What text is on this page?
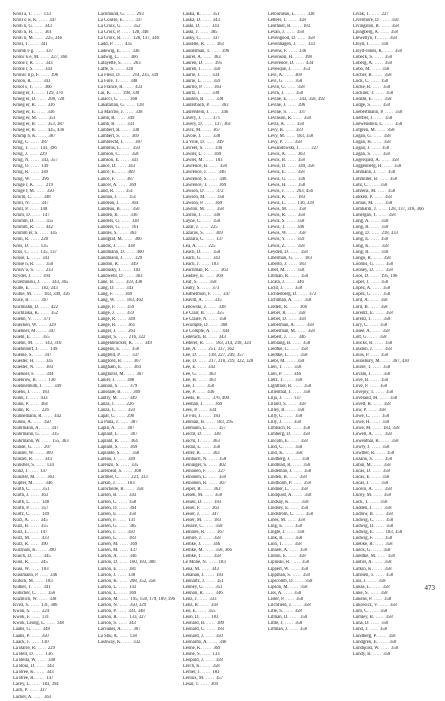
Kroll a, T. ..... 133
Kroll o w, K. ..... 347
Kroh n, G. ..... 343
Kroh n, H. ..... 361
Kroh n, M. ..... 225, 346
Kroll, T. ..... 341
Kromb e g. ..... 337
Kronc k e, M. ..... 227, 366
Krone r, R. ..... 343
Krone r, S. ..... 343
Kronsc h p, F. ..... 396
Kroon, R. ..... 343
Kroot s, T. ..... 366
Krueg er, J. ..... 129, 376
Krueg er, D. ..... 208, 728
Krueg er, R. ..... 336
Krueg er, E. ..... 336
Krueg er, M. ..... 351
Krueg er, B. ..... 353, 387
Krueg er, R. ..... 435, 436
Krump h, K. ..... 387
Krug, C. ..... 387
Krug, T. ..... 143, 396
Krug, J. ..... 229
Krug, N. ..... 343, 357
Krug, O. ..... 149
Krug, R. ..... 349
Krug, W. ..... 396
Kruge r, K. ..... 219
Kruge r, M. ..... 350
Kruim, C. ..... 348
Krull, N. ..... 347
Krull, P. ..... 148
Krum, D. ..... 147
Krumm, D. ..... 355
Krumm, R. ..... 442
Krumm er, S. ..... 345
Krun, R. ..... 228
Krus, D. ..... 135
Krus, C. ..... 135, 137
Kruse, L. ..... 343
Kruse n, R. ..... 350
Krusv o, S. ..... 233
Kryder, J. ..... 394
Krzeminski, J. ..... 343, 365
Kube, E. ..... 182, 243
Kubie, M. ..... 183, 349, 356
Kuce, B. ..... 367
Kuchhahn, D. ..... 422
Kuchlaika, K. ..... 352
Kuehn, V. ..... 371
Kuecken, W. ..... 329
Kuehner, M. ..... 347
Kuehl, E. ..... 355
Kuehn, M. ..... 143, 316
Kuehnhorf, J. ..... 149
Kuenle, S. ..... 347
Kuester, H. ..... 345
Kuester, N. ..... 383
Kuehner, F. ..... 344
Kuehrow, B. ..... 130
Kuehnemuth, J. ..... 349
Kuehs, J. ..... 183
Kuhn, J. ..... 433
Kuhn, P. ..... 364
Kuhn, R. ..... 226
Kuhnemann, R. ..... 442
Kuhns, A. ..... 350
Kuhrmann, A. ..... 347
Kuhrmann, G. ..... 335
Kuhrmann, W. ..... 155, 363
Kunde, G. ..... 207
Kunzel, W. ..... 369
Kunzel, R. ..... 343
Kunstler, S. ..... 134
Kunz, J. ..... 147
Kunzler, M. ..... 363
Kupfer, M. ..... 346
Kurth, C. ..... 351
Kurth, J. ..... 363
Kurth, L. ..... 148
Kurth, P. ..... 357
Kurtz, C. ..... 149
Kurz, A. ..... 345
Kurz, B. ..... 355
Kurz, L. ..... 147
Kurz, M. ..... 433
Kurz, R. ..... 390
Kurzhals, K. ..... 390
Kusch, D. ..... 345
Kuss, R. ..... 345
Kuss, W. ..... 183
Kussmann, P. ..... 346
Kutsch, M. ..... 183
Kuther, T. ..... 341
Kutscher, C. ..... 356
Kuzmich, W. ..... 338
Kvist, S. ..... 131, 386
Kwan, S. ..... 224
Kwok, F. ..... 131
Kwok, Leong, L. ..... 148
Laabs, G. ..... 348
Laabs, P. ..... 350
Laack, J. ..... 130
La Barre, R. ..... 229
La Bell, D. ..... 136
La Bella, W. ..... 348
La Boss, D. ..... 143
La Bree, K. ..... 343
La Bree, R. ..... 147
Lacey, L. ..... 183, 394
Lach, P. ..... 337
Lacher, A. ..... 363
Lachmund, G. ..... 293
La Course, E. ..... 337
La Croix, G. ..... 352
La Croix, P. ..... 128, 348
La Croix, R. ..... 128, 137, 346
Ladd, P. ..... 435
Ladewig, E. ..... 336
Ladwig, C. ..... 366
Lafayette, S. ..... 263
Laffe, S. ..... 128
La Fleur, D. ..... 214, 235, 339
La Fore, T. ..... 348
La France, R. ..... 433
Lai, K. ..... 198, 330
Laiacci, C. ..... 368
Lakatarian, G. ..... 128
La Marche, J. ..... 338
Lamb, R. ..... 349
Lamb, B. ..... 333
Lambert, R. ..... 338
Lambert, S. ..... 369
Lambrecht, I. ..... 387
Lambrus, L. ..... 350
Lamson, C. ..... 358
Lamson, E. ..... 341
Lance, D. ..... 343
Lance, E. ..... 369
Lance, F. ..... 387
Lancer, A. ..... 369
Land, R. ..... 351
Landau, J. ..... 351
Landeau, J. ..... 364
Landeau, B. ..... 350
Landen, B. ..... 336
Landers, G. ..... 338
Landers, G. ..... 161
Landes, S. ..... 363
Landgraf, M. ..... 366
Landis, J. ..... 438
Landmann, D. ..... 400
Landmann, J. ..... 329
Landon, R. ..... 349
Landusky, J. ..... 183
Landwehr, D. ..... 363
Lane, B. ..... 359, 438
Lang, D. ..... 343
Lang, F. ..... 369
Lang, W. ..... 183, 402
Lange, F. ..... 359
Lange, J. ..... 359
Lange, R. ..... 349
Lange, R. ..... 361
Langer, J. ..... 263
Langer, S. ..... 216, 322
Langenbrucker, K. ..... 349
Langens, E. ..... 358
Langfeld, P. ..... 337
Langford, B. ..... 367
Langham, E. ..... 364
Langhorst, M. ..... 367
Lanier, J. ..... 388
Lannon, S. ..... 379
Lansdale, B. ..... 369
Lantry, M. ..... 349
Lanza, J. ..... 226
Lanza, C. ..... 350
Lapar, C. ..... 290
La Paita, J. ..... 387
Lapin, A. ..... 387
Laplant, L. ..... 367
Laplant, R. ..... 364
Laplant, S. ..... 369
Laplante, S. ..... 358
Lareau, J. ..... 349
Larenzo, S. ..... 335
Laresheal, S. ..... 368
Larimer, C. ..... 221, 333
Larkin, J. ..... 183
Larochelle, R. ..... 358
Larsen, B. ..... 343
Larsen, C. ..... 358
Larsen, D. ..... 394
Larsen, E. ..... 358
Larsen, F. ..... 131
Larsen, G. ..... 385
Larsen, I. ..... 350
Larsen, L. ..... 183
Larsen, M. ..... 369
Larsen, M. ..... 437
Larson, A. ..... 346
Larson, D. ..... 160, 183, 380
Larson, E. ..... 381
Larson, J. ..... 138
Larson, K. ..... 208, 352, 358
Larson, L. ..... 143
Larson, L. ..... 369
Larson, M. ..... 195, 158, 179, 189, 196
Larson, N. ..... 350, 329
Larson, P. ..... 333, 348
Larson, R. ..... 133, 327
Larson, S. ..... 343
Larvanes, A. ..... 367
La Shu, A. ..... 138
Lashway, K. ..... 332
Laska, R. ..... 351
Laska, D. ..... 343
Laski, D. ..... 343
Laski, J. ..... 385
Lasky, C. ..... 337
Lasselle, R. ..... 363
Lauderman, T. ..... 396
Laurel, A. ..... 363
Lauren, D. ..... 395
Lauren, J. ..... 350
Laurie, J. ..... 334
Laurie, L. ..... 359
Laurito, P. ..... 363
Laurtz, J. ..... 338
Lausten, R. ..... 338
Lauterbach, P. ..... 363
Lauterstein, J. ..... 346
Lavery, J. ..... 371
Lavery, D. ..... 137, 361
Laviz, M. ..... 367
Lavoie, J. ..... 338
La Vine, D. ..... 349
Lavreet, S. ..... 336
Lawler, L. ..... 369
Lawler, M. ..... 183
Lawrence, B. ..... 358
Lawrence, J. ..... 346
Lawrence, S. ..... 346
Lawrence, T. ..... 369
Lawson, D. ..... 372
Lawson, M. ..... 350
Lawson, P. ..... 369
Lawton, M. ..... 358
Laxton, J. ..... 338
Layne, C. ..... 358
Lazar, J. ..... 225
Lazarus, S. ..... 369
Lazzara, C. ..... 137
Lea, A. ..... 225
Leach, D. ..... 358
Leach, G. ..... 343
Leach, J. ..... 183
Leachman, R. ..... 363
Leadley, E. ..... 369
Leaf, S. ..... 358
Leahy, S. ..... 373
Leathermon, F. ..... 347
Leavitt, A. ..... 335
Lebowski, J. ..... 338
Le Clair, B. ..... 355
Le Claire, N. ..... 358
Lecompte, D. ..... 368
Le Compte, A. ..... 444
Lederach, B. ..... 343
Lederer, R. ..... 183, 214, 218, 324
Lee, A. ..... 251, 337, 362
Lee, D. ..... 138, 227, 249, 357
Lee, D. ..... 217, 218, 219, 322, 328
Lee, E. ..... 343
Lee, G. ..... 363
Lee, H. ..... 363
Lee, J. ..... 350
Lee, P. ..... 436
Leeds, B. ..... 376, 400
Leeman, J. ..... 369
Lees, P. ..... 334
Le Fils, J. ..... 183
Lehman, B. ..... 183, 295
Lehmann, L. ..... 357
Leicht, D. ..... 338
Leicht, T. ..... 363
Leidal, L. ..... 358
Leifer, R. ..... 363
Leinbach, N. ..... 358
Leininger, S. ..... 402
Leinonen, F. ..... 227
Leinonen, L. ..... 358
Leinonen, R. ..... 367
Leiper, R. ..... 363
Leisek, M. ..... 358
Leisen, D. ..... 183
Leiser, F. ..... 363
Leiser, J. ..... 347
Leiser, M. ..... 183
Leisure, C. ..... 358
Lemaire, R. ..... 367
Lemire, J. ..... 358
Lemke, J. ..... 346
Lemke, M. ..... 358, 366
Lemke, T. ..... 358
Le Mone, N. ..... 183
Lena, M. ..... 343
Lenahan, J. ..... 183
Lennartz, J. ..... 351
Lenney, G. ..... 351
Lennon, R. ..... 346
Lenz, J. ..... 333
Lenz, R. ..... 358
Leo, E. ..... 355
Leon, D. ..... 183
Leonard, B. ..... 389
Leonard, C. ..... 183
Leonard, J. ..... 350
Leonardo, A. ..... 346
Leone, K. ..... 369
Leone, S. ..... 133
Leopold, J. ..... 358
Lerch, K. ..... 358
Lerner, J. ..... 183
Leroux, M. ..... 357
Lesar, T. ..... 369
Letourneau, L. ..... 338
Letteer, T. ..... 358
Leuthner, R. ..... 183
Levan, J. ..... 358
Levengood, D. ..... 358
Levenhagen, J. ..... 333
Levens, F. ..... 336
Levenson, H. ..... 398
Leverence, D. ..... 434
Levesque, J. ..... 353
Levi, A. ..... 369
Levi, G. ..... 358
Levin, G. ..... 358
Levin, J. ..... 358
Levine, E. ..... 343, 358, 392
Levine, J. ..... 396
Levine, S. ..... 337
Levinson, R. ..... 358
Levis, A. ..... 358
Levy, B. ..... 359
Levy, M. ..... 183, 358
Levy, P. ..... 358
Lewandowski, J. ..... 227
Lewis, A. ..... 363
Lewis, B. ..... 358
Lewis, D. ..... 349, 356
Lewis, E. ..... 358
Lewis, G. ..... 336
Lewis, H. ..... 358
Lewis, J. ..... 263, 456
Lewis, K. ..... 183
Lewis, L. ..... 136, 339
Lewis, M. ..... 358
Lewis, R. ..... 358
Lewis, S. ..... 358
Lewis, T. ..... 346
Lewis, W. ..... 358
Lewis, Y. ..... 359
Lewis, Z. ..... 358
Leyden, D. ..... 358
Liberman, G. ..... 183
Liberto, J. ..... 183
Libet, M. ..... 358
Libman, R. ..... 358
Licata, J. ..... 346
Licht, J. ..... 358
Lichtenberg, D. ..... 372
Lichtman, A. ..... 358
Liddell, R. ..... 366
Lieber, B. ..... 358
Lieber, D. ..... 358
Lieberman, A. ..... 358
Lieberman, M. ..... 358
Liebert, J. ..... 346
Lieblang, B. ..... 358
Liedtke, C. ..... 358
Liedtke, L. ..... 358
Liebl, M. ..... 358
Lien, T. ..... 358
Lien, P. ..... 346
Lietz, T. ..... 358
Lightfoot, R. ..... 358
Lilienthal, J. ..... 358
Lilja, J. ..... 137
Lillard, S. ..... 358
Lilley, B. ..... 358
Lilly, C. ..... 358
Lilly, J. ..... 358
Limbach, R. ..... 358
Limberg, D. ..... 358
Lincoln, E. ..... 358
Lind, C. ..... 358
Lind, K. ..... 358
Lindberg, J. ..... 358
Lindblad, R. ..... 358
Lindeman, J. ..... 358
Linden, B. ..... 358
Lindholm, P. ..... 358
Lindner, L. ..... 358
Lindquist, A. ..... 358
Lindsay, K. ..... 358
Lindsey, E. ..... 358
Lindstrom, C. ..... 358
Lines, M. ..... 358
Ling, E. ..... 358
Lingle, J. ..... 358
Link, R. ..... 358
Linn, T. ..... 358
Linnell, A. ..... 358
Linton, E. ..... 358
Lipinski, R. ..... 358
Lippert, W. ..... 358
Lippman, S. ..... 358
Lipscomb, D. ..... 358
Lipson, M. ..... 358
Liss, A. ..... 358
Lister, P. ..... 358
Litchfield, J. ..... 358
Litle, S. ..... 358
Litman, D. ..... 358
Little, J. ..... 358
Littman, J. ..... 358
Livak, T. ..... 227
Livermore, D. ..... 350
Livingston, R. ..... 358
Ljungberg, A. ..... 358
Llewellyn, T. ..... 358
Lloyd, J. ..... 358
Lloyd-Jones, K. ..... 358
Lobeck, S. ..... 358
Loberg, A. ..... 358
Lobo, M. ..... 358
Locher, B. ..... 358
Lock, C. ..... 358
Locke, R. ..... 358
Lockner, T. ..... 358
Lodahl, E. ..... 358
Lodge, S. ..... 358
Loebertmann, P. ..... 358
Loeffler, J. ..... 358
Loewenstein, L. ..... 358
Lofgren, M. ..... 358
Logan, G. ..... 358
Logan, H. ..... 358
Logan, J. ..... 358
Logan, S. ..... 358
Logerquist, A. ..... 358
Loggenberg, H. ..... 358
Lohmann, J. ..... 358
Lohmiller, B. ..... 358
Lohr, C. ..... 358
Lohrenz, M. ..... 358
Lokken, P. ..... 358
Lomas, M. ..... 358
Lombardi, J. ..... 128, 137, 318, 366
Lonergan, T. ..... 358
Long, A. ..... 358
Long, B. ..... 358
Long, D. ..... 218, 333
Long, E. ..... 358
Long, K. ..... 358
Long, R. ..... 358
Longo, R. ..... 358
Loomis, G. ..... 358
Looney, D. ..... 358
Loos, D. ..... 195, 196
Loper, J. ..... 358
Lopez, A. ..... 358
Lopez, C. ..... 358
Lord, A. ..... 358
Lord, B. ..... 358
Lorentz, E. ..... 358
Lorenz, J. ..... 358
Lory, C. ..... 358
Losee, A. ..... 358
Lott, G. ..... 358
Loucks, R. ..... 358
Loudon, J. ..... 358
Louis, P. ..... 358
Lounsbury, M. ..... 367, 430
Lourie, T. ..... 358
Lovato, J. ..... 358
Love, B. ..... 358
Love, P. ..... 358
Lovejoy, T. ..... 358
Loveland, M. ..... 358
Lovett, R. ..... 358
Low, P. ..... 358
Lowe, C. ..... 358
Lowe, H. ..... 358
Lowe, M. ..... 183, 358
Lowell, A. ..... 358
Lowenthal, B. ..... 358
Lowry, J. ..... 358
Lowther, R. ..... 358
Lozano, S. ..... 358
Lubin, M. ..... 358
Lucas, D. ..... 358
Lucas, E. ..... 358
Lucas, J. ..... 358
Lucero, A. ..... 358
Lucey, M. ..... 358
Luck, T. ..... 358
Ludden, J. ..... 358
Ludlow, B. ..... 358
Ludwig, C. ..... 358
Ludwig, D. ..... 358
Ludwig, E. ..... 183, 358
Ludwig, F. ..... 358
Luebke, R. ..... 358
Lueck, G. ..... 358
Luedtke, M. ..... 358
Luehrs, A. ..... 358
Lufkin, K. ..... 358
Luhrsen, T. ..... 358
Luis, J. ..... 358
Lukas, L. ..... 358
Luke, S. ..... 358
Lukens, P. ..... 358
Lukowicz, V. ..... 358
Lum, C. ..... 358
Lumley, B. ..... 358
Luna, D. ..... 358
Lund, J. ..... 358
Lundberg, P. ..... 358
Lundgren, E. ..... 358
Lundquist, W. ..... 358
Lundy, R. ..... 358
473
